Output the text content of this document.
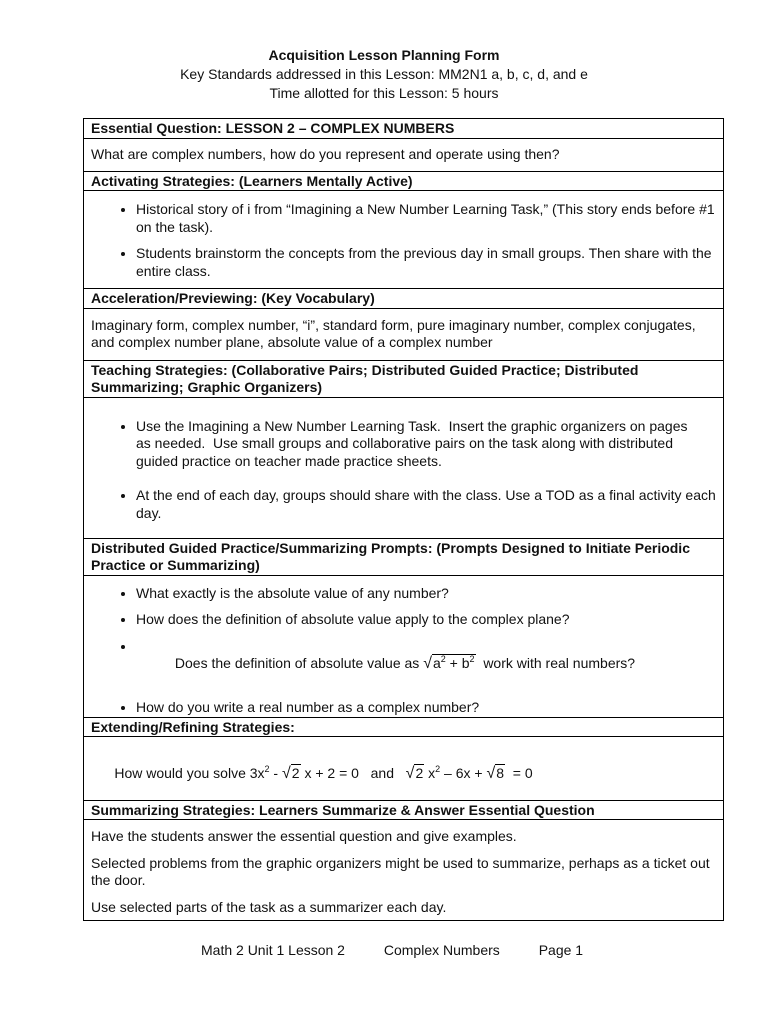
Acquisition Lesson Planning Form
Key Standards addressed in this Lesson: MM2N1 a, b, c, d, and e
Time allotted for this Lesson: 5 hours
Essential Question: LESSON 2 – COMPLEX NUMBERS
What are complex numbers, how do you represent and operate using then?
Activating Strategies: (Learners Mentally Active)

• Historical story of i from “Imagining a New Number Learning Task,” (This story ends before #1 on the task).
• Students brainstorm the concepts from the previous day in small groups. Then share with the entire class.

Acceleration/Previewing: (Key Vocabulary)
Imaginary form, complex number, “i”, standard form, pure imaginary number, complex conjugates, and complex number plane, absolute value of a complex number
Teaching Strategies: (Collaborative Pairs; Distributed Guided Practice; Distributed Summarizing; Graphic Organizers)

• Use the Imagining a New Number Learning Task.  Insert the graphic organizers on pages    as needed.  Use small groups and collaborative pairs on the task along with distributed guided practice on teacher made practice sheets.
• At the end of each day, groups should share with the class. Use a TOD as a final activity each day.

Distributed Guided Practice/Summarizing Prompts: (Prompts Designed to Initiate Periodic Practice or Summarizing)

• What exactly is the absolute value of any number?
• How does the definition of absolute value apply to the complex plane?

• Does the definition of absolute value as $√a^2 + b^2$  work with real numbers?

• How do you write a real number as a complex number?

Extending/Refining Strategies:

How would you solve $3x^2 - √2$ x + 2 = 0   and   √2 $x^2 - 6x + √8 = 0$

Summarizing Strategies: Learners Summarize & Answer Essential Question

Have the students answer the essential question and give examples.

Selected problems from the graphic organizers might be used to summarize, perhaps as a ticket out the door.

Use selected parts of the task as a summarizer each day.

Math 2 Unit 1 Lesson 2          Complex Numbers          Page 1
